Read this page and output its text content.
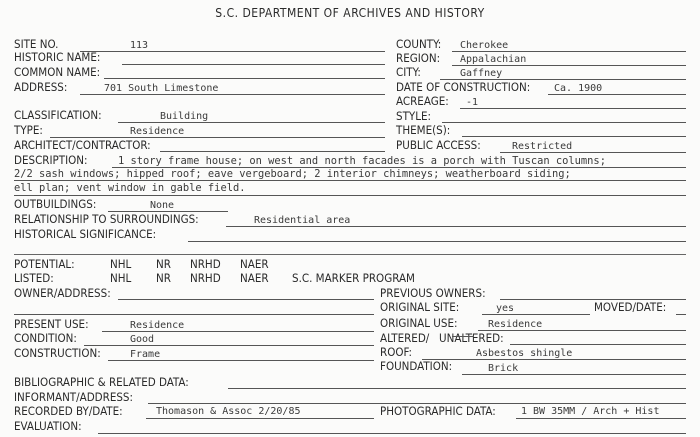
S.C. DEPARTMENT OF ARCHIVES AND HISTORY
SITE NO.	113
HISTORIC NAME:
COMMON NAME:
ADDRESS:	701 South Limestone
CLASSIFICATION:	Building
TYPE:	Residence
ARCHITECT/CONTRACTOR:
COUNTY: Cherokee
REGION: Appalachian
CITY:	Gaffney
DATE OF CONSTRUCTION: Ca. 1900
ACREAGE: -1
STYLE:
THEME(S):
PUBLIC ACCESS:	Restricted
DESCRIPTION:	1 story frame house; on west and north facades is a porch with Tuscan columns;
2/2 sash windows; hipped roof; eave vergeboard; 2 interior chimneys; weatherboard siding;
ell plan; vent window in gable field.
OUTBUILDINGS:	None
RELATIONSHIP TO SURROUNDINGS:	Residential area
HISTORICAL SIGNIFICANCE:
POTENTIAL:	NHL NR NRHD NAER
LISTED:	NHL NR NRHD NAER S.C. MARKER PROGRAM
OWNER/ADDRESS:
PRESENT USE:	Residence
CONDITION:	Good
CONSTRUCTION:	Frame
PREVIOUS OWNERS:
ORIGINAL SITE:	yes	MOVED/DATE:
ORIGINAL USE:	Residence
ALTERED/ UNALTERED:
ROOF:	Asbestos shingle
FOUNDATION:	Brick
BIBLIOGRAPHIC & RELATED DATA:
INFORMANT/ADDRESS:
RECORDED BY/DATE:	Thomason & Assoc 2/20/85	PHOTOGRAPHIC DATA:	1 BW 35MM / Arch + Hist
EVALUATION:
